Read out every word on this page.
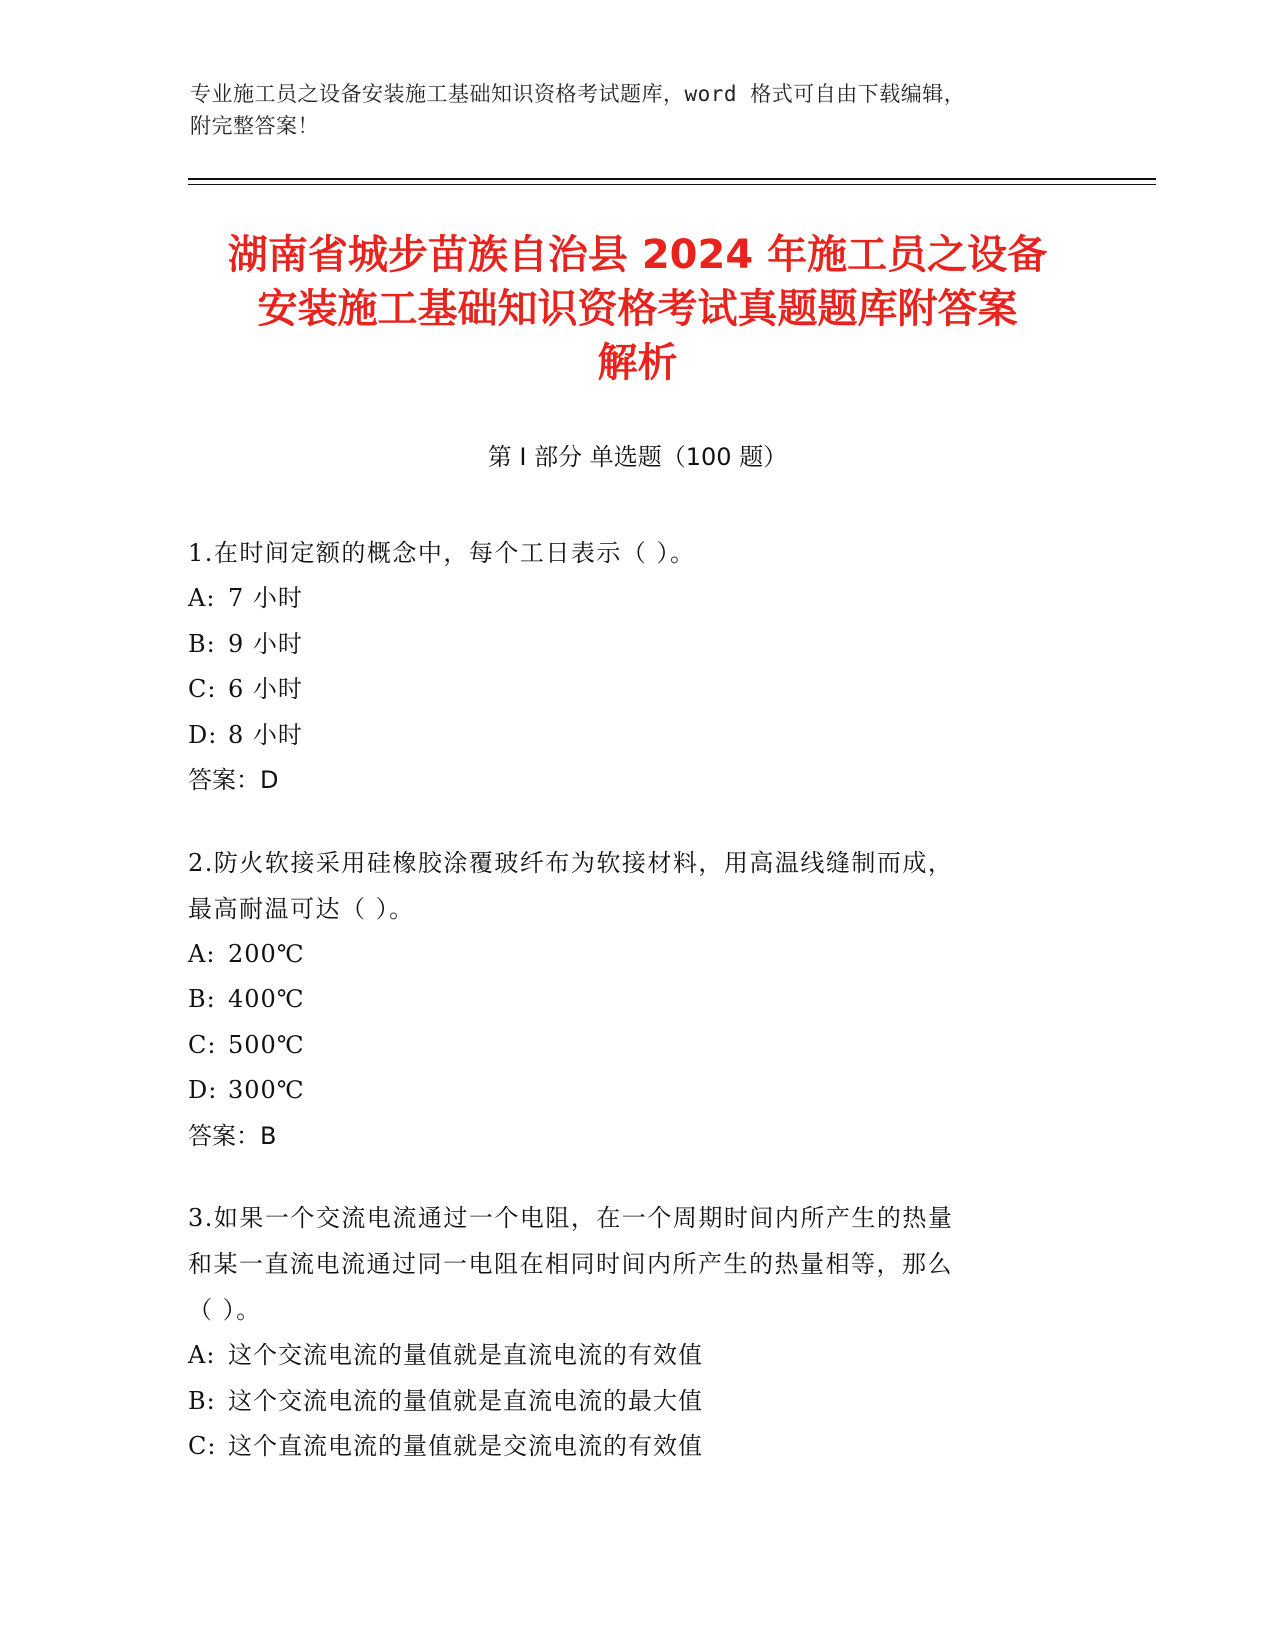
专业施工员之设备安装施工基础知识资格考试题库，word 格式可自由下载编辑，
附完整答案！
湖南省城步苗族自治县 2024 年施工员之设备
安装施工基础知识资格考试真题题库附答案
解析
第 I 部分 单选题（100 题）

1.在时间定额的概念中，每个工日表示（ ）。

A: 7 小时

B: 9 小时

C: 6 小时

D: 8 小时

答案：D

2.防火软接采用硅橡胶涂覆玻纤布为软接材料，用高温线缝制而成，

最高耐温可达（ ）。

A: 200℃

B: 400℃

C: 500℃

D: 300℃

答案：B

3.如果一个交流电流通过一个电阻，在一个周期时间内所产生的热量

和某一直流电流通过同一电阻在相同时间内所产生的热量相等，那么

（ ）。

A: 这个交流电流的量值就是直流电流的有效值

B: 这个交流电流的量值就是直流电流的最大值

C: 这个直流电流的量值就是交流电流的有效值
